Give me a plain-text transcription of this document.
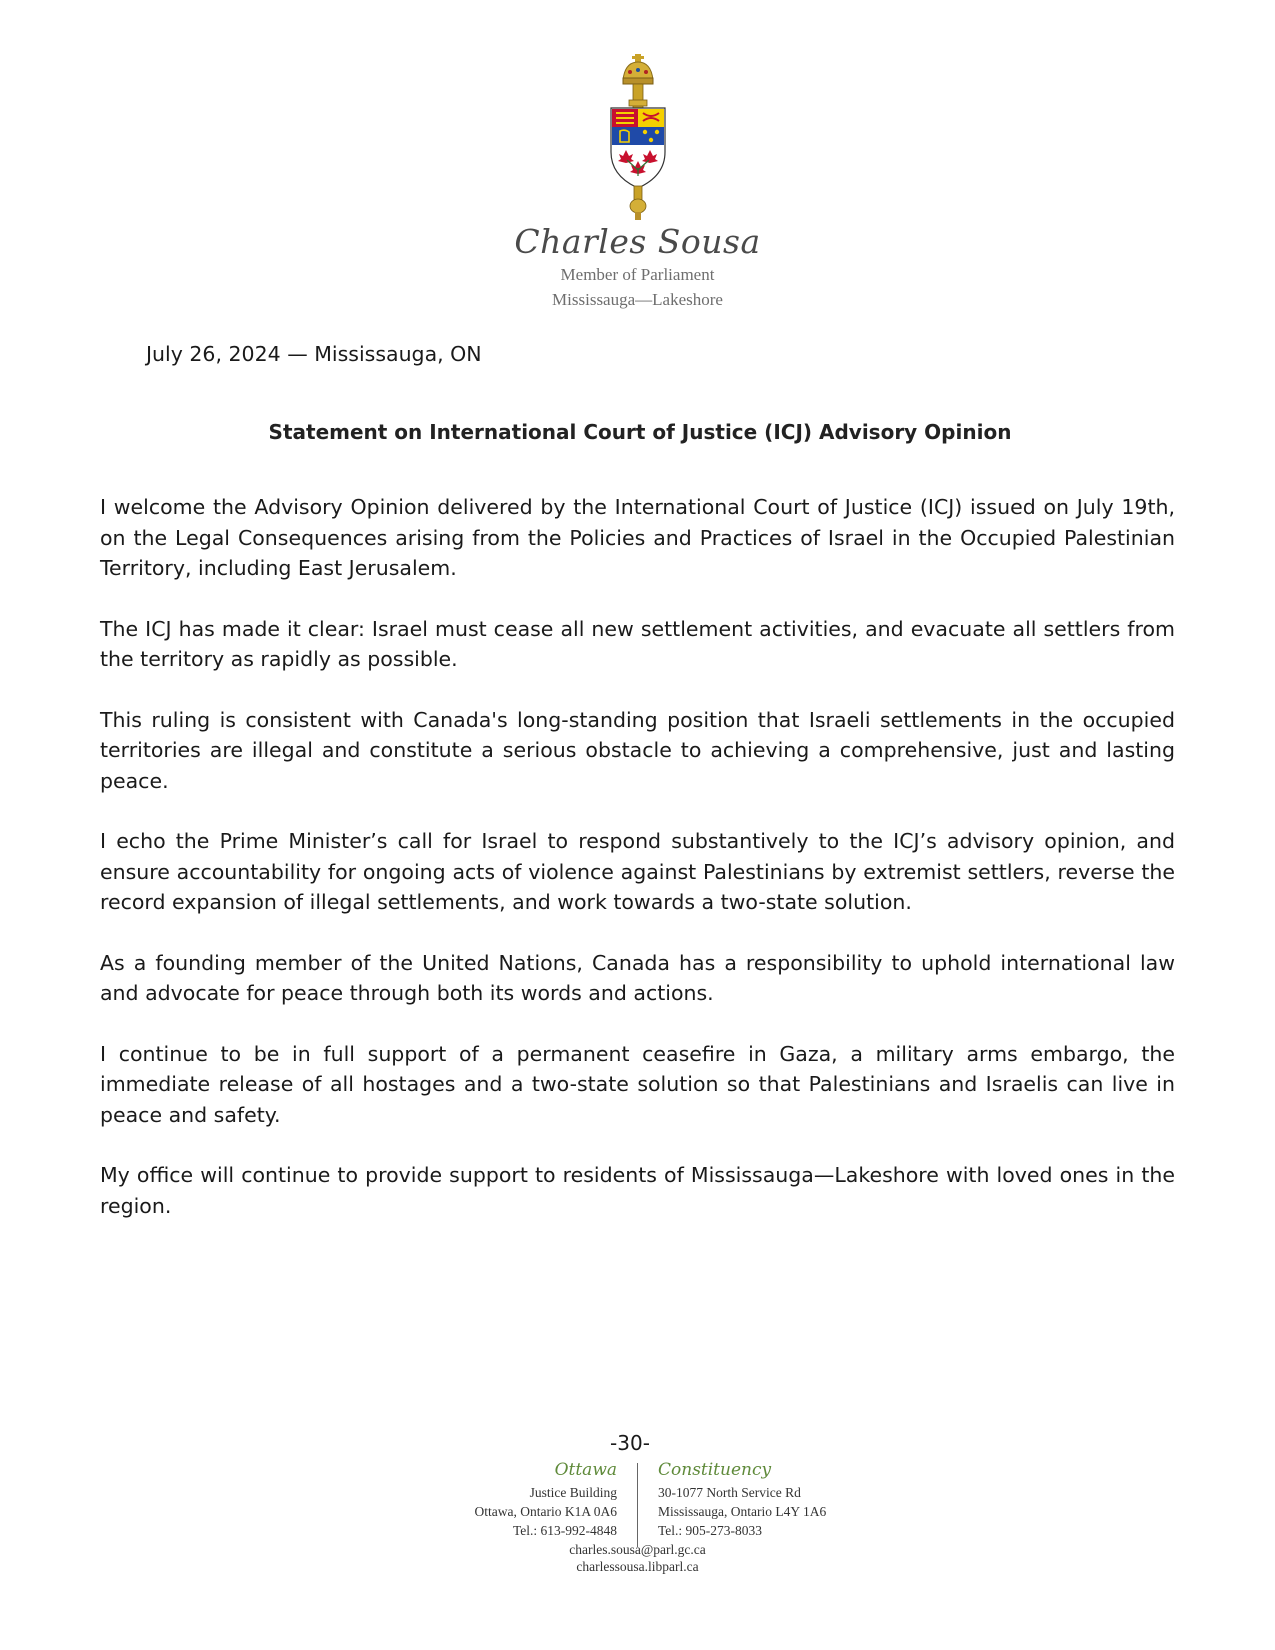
Charles Sousa
Member of Parliament
Mississauga—Lakeshore
July 26, 2024 — Mississauga, ON
Statement on International Court of Justice (ICJ) Advisory Opinion

I welcome the Advisory Opinion delivered by the International Court of Justice (ICJ) issued on July 19th, on the Legal Consequences arising from the Policies and Practices of Israel in the Occupied Palestinian Territory, including East Jerusalem.

The ICJ has made it clear: Israel must cease all new settlement activities, and evacuate all settlers from the territory as rapidly as possible.

This ruling is consistent with Canada's long-standing position that Israeli settlements in the occupied territories are illegal and constitute a serious obstacle to achieving a comprehensive, just and lasting peace.

I echo the Prime Minister’s call for Israel to respond substantively to the ICJ’s advisory opinion, and ensure accountability for ongoing acts of violence against Palestinians by extremist settlers, reverse the record expansion of illegal settlements, and work towards a two-state solution.

As a founding member of the United Nations, Canada has a responsibility to uphold international law and advocate for peace through both its words and actions.

I continue to be in full support of a permanent ceasefire in Gaza, a military arms embargo, the immediate release of all hostages and a two-state solution so that Palestinians and Israelis can live in peace and safety.

My office will continue to provide support to residents of Mississauga—Lakeshore with loved ones in the region.

-30-
Ottawa
Justice Building
Ottawa, Ontario K1A 0A6
Tel.: 613-992-4848
Constituency
30-1077 North Service Rd
Mississauga, Ontario L4Y 1A6
Tel.: 905-273-8033
charles.sousa@parl.gc.ca
charlessousa.libparl.ca
